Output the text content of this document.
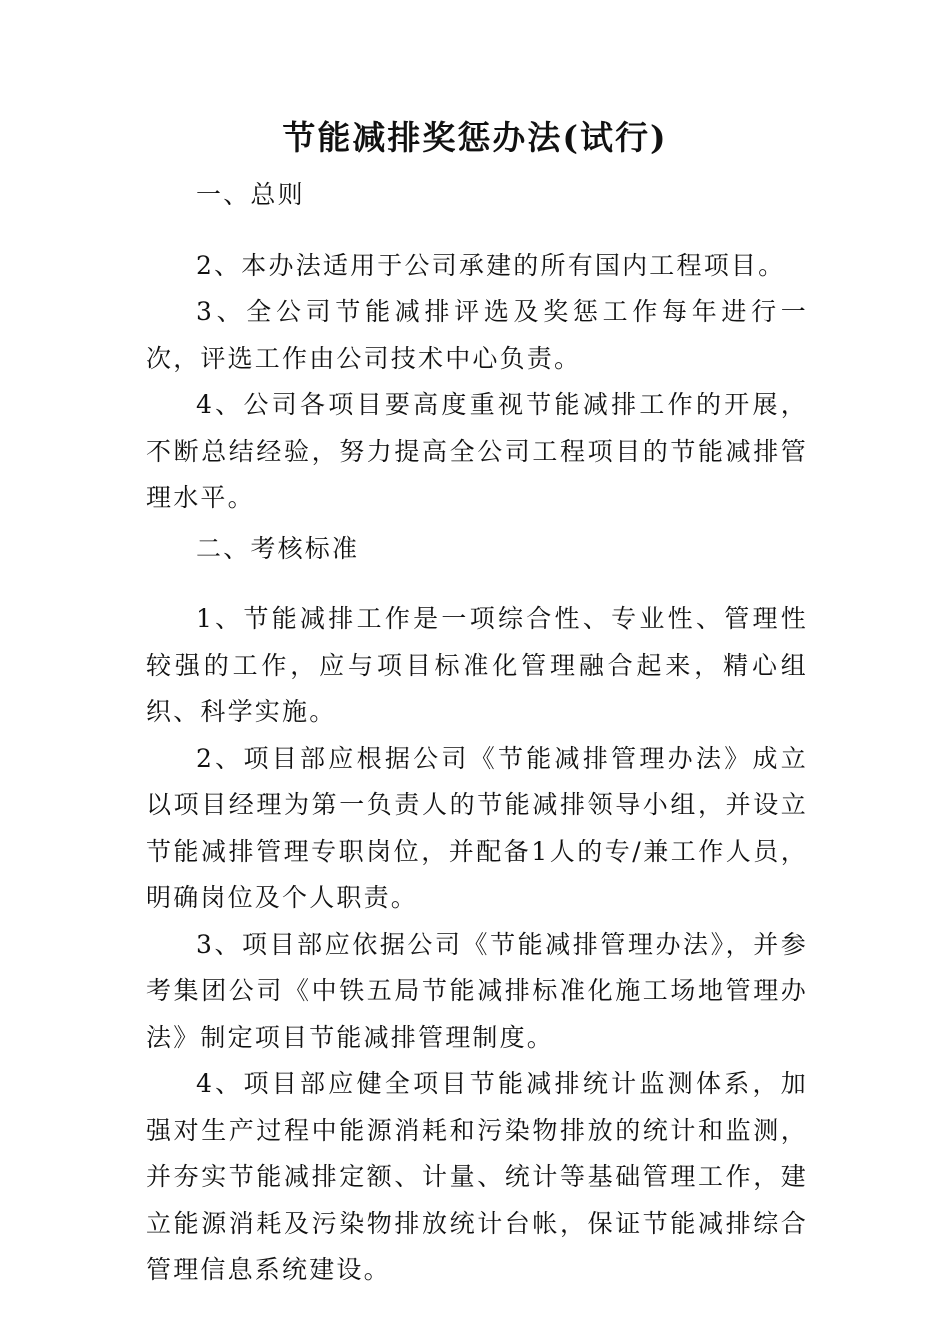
节能减排奖惩办法(试行)

一、总则

2、本办法适用于公司承建的所有国内工程项目。

3、全公司节能减排评选及奖惩工作每年进行一次，评选工作由公司技术中心负责。

4、公司各项目要高度重视节能减排工作的开展，不断总结经验，努力提高全公司工程项目的节能减排管理水平。

二、考核标准

1、节能减排工作是一项综合性、专业性、管理性较强的工作，应与项目标准化管理融合起来，精心组织、科学实施。

2、项目部应根据公司《节能减排管理办法》成立以项目经理为第一负责人的节能减排领导小组，并设立节能减排管理专职岗位，并配备1人的专/兼工作人员，明确岗位及个人职责。

3、项目部应依据公司《节能减排管理办法》，并参考集团公司《中铁五局节能减排标准化施工场地管理办法》制定项目节能减排管理制度。

4、项目部应健全项目节能减排统计监测体系，加强对生产过程中能源消耗和污染物排放的统计和监测，并夯实节能减排定额、计量、统计等基础管理工作，建立能源消耗及污染物排放统计台帐，保证节能减排综合管理信息系统建设。
